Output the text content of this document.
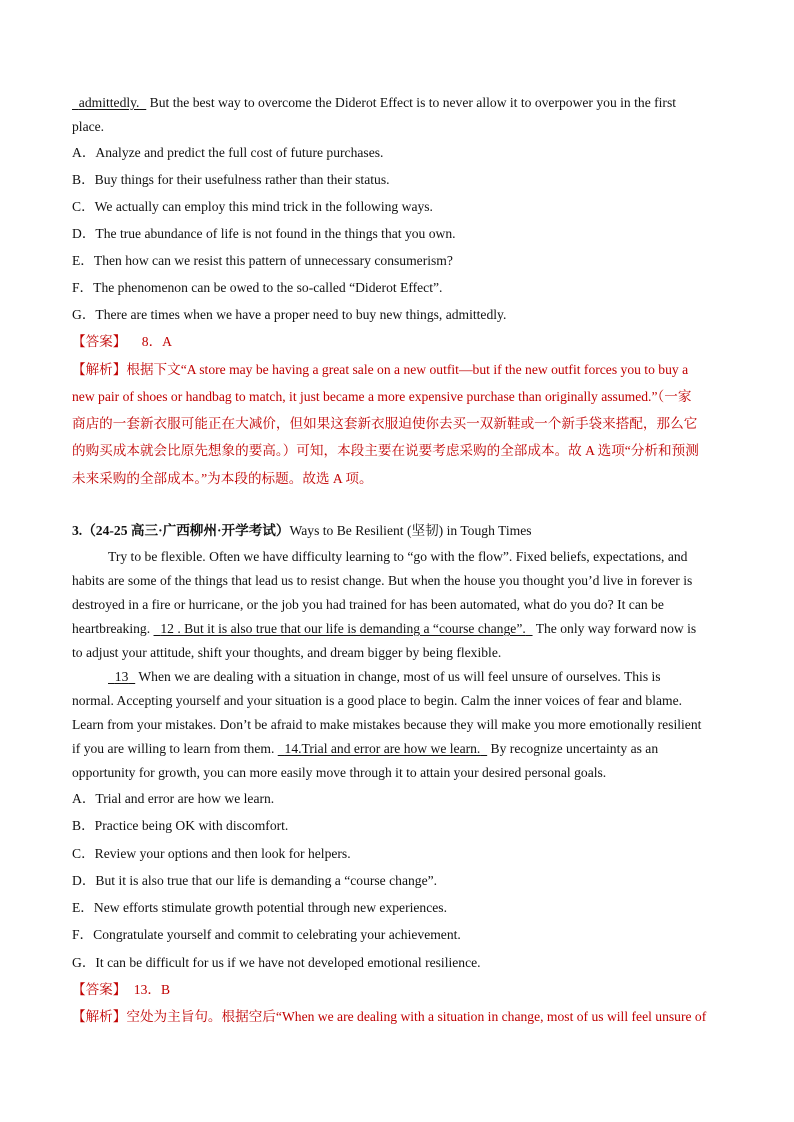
admittedly. But the best way to overcome the Diderot Effect is to never allow it to overpower you in the first
place.
A．Analyze and predict the full cost of future purchases.
B．Buy things for their usefulness rather than their status.
C．We actually can employ this mind trick in the following ways.
D．The true abundance of life is not found in the things that you own.
E．Then how can we resist this pattern of unnecessary consumerism?
F．The phenomenon can be owed to the so-called “Diderot Effect”.
G．There are times when we have a proper need to buy new things, admittedly.
【答案】 8．A
【解析】根据下文“A store may be having a great sale on a new outfit—but if the new outfit forces you to buy a
new pair of shoes or handbag to match, it just became a more expensive purchase than originally assumed.”（一家
商店的一套新衣服可能正在大减价，但如果这套新衣服迫使你去买一双新鞋或一个新手袋来搭配，那么它
的购买成本就会比原先想象的要高。）可知，本段主要在说要考虑采购的全部成本。故 A 选项“分析和预测
未来采购的全部成本。”为本段的标题。故选 A 项。
3.（24-25 高三·广西柳州·开学考试）Ways to Be Resilient (坚韧) in Tough Times
Try to be flexible. Often we have difficulty learning to “go with the flow”. Fixed beliefs, expectations, and
habits are some of the things that lead us to resist change. But when the house you thought you’d live in forever is
destroyed in a fire or hurricane, or the job you had trained for has been automated, what do you do? It can be
heartbreaking. 12 . But it is also true that our life is demanding a “course change”. The only way forward now is
to adjust your attitude, shift your thoughts, and dream bigger by being flexible.
13 When we are dealing with a situation in change, most of us will feel unsure of ourselves. This is
normal. Accepting yourself and your situation is a good place to begin. Calm the inner voices of fear and blame.
Learn from your mistakes. Don’t be afraid to make mistakes because they will make you more emotionally resilient
if you are willing to learn from them. 14.Trial and error are how we learn. By recognize uncertainty as an
opportunity for growth, you can more easily move through it to attain your desired personal goals.
A．Trial and error are how we learn.
B．Practice being OK with discomfort.
C．Review your options and then look for helpers.
D．But it is also true that our life is demanding a “course change”.
E．New efforts stimulate growth potential through new experiences.
F．Congratulate yourself and commit to celebrating your achievement.
G．It can be difficult for us if we have not developed emotional resilience.
【答案】 13．B
【解析】空处为主旨句。根据空后“When we are dealing with a situation in change, most of us will feel unsure of
